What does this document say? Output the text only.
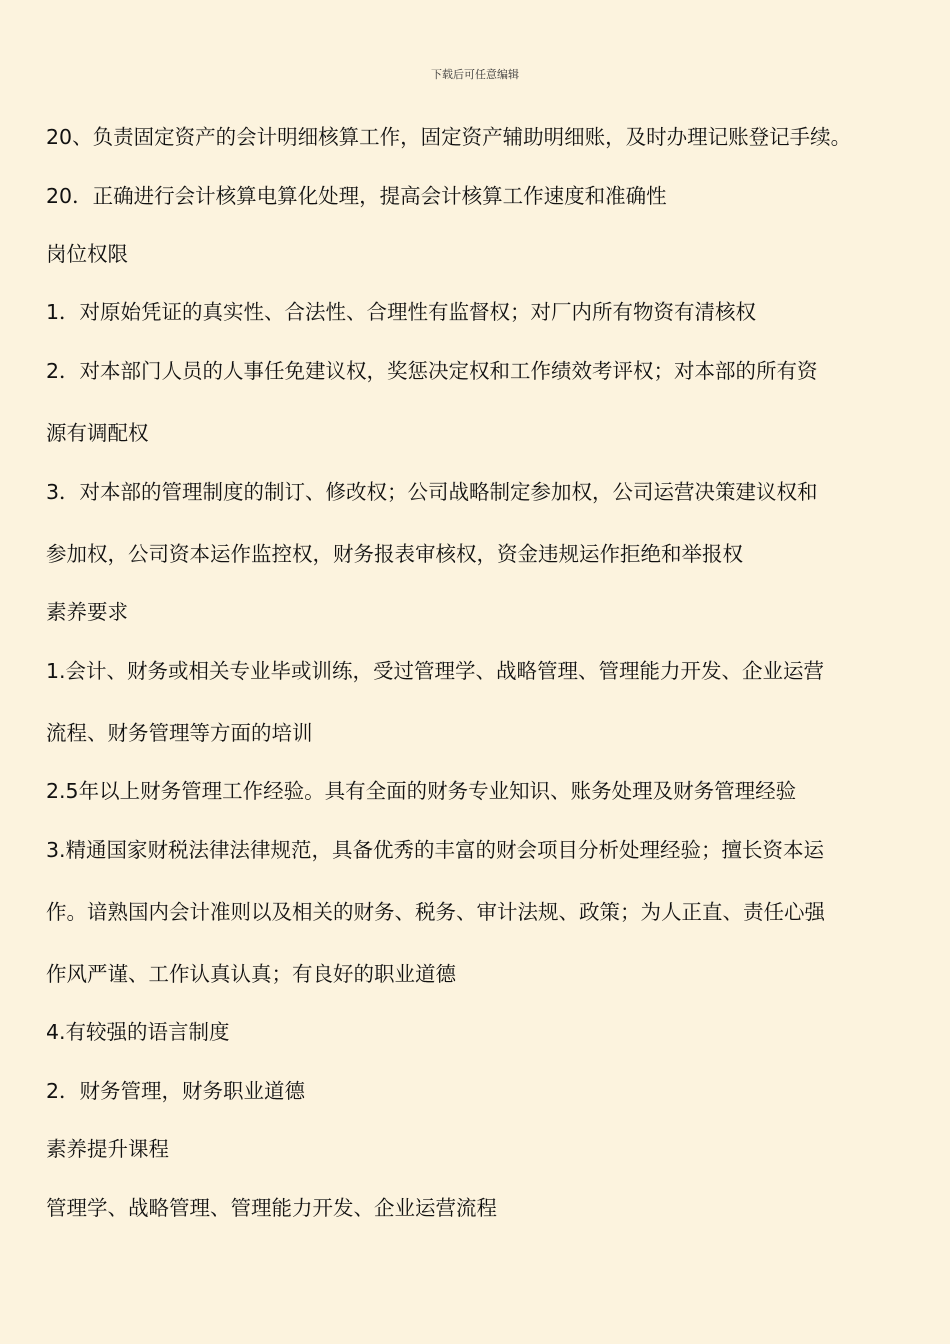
下载后可任意编辑
20、负责固定资产的会计明细核算工作，固定资产辅助明细账，及时办理记账登记手续。
20．正确进行会计核算电算化处理，提高会计核算工作速度和准确性
岗位权限
1．对原始凭证的真实性、合法性、合理性有监督权；对厂内所有物资有清核权
2．对本部门人员的人事任免建议权，奖惩决定权和工作绩效考评权；对本部的所有资
源有调配权
3．对本部的管理制度的制订、修改权；公司战略制定参加权，公司运营决策建议权和
参加权，公司资本运作监控权，财务报表审核权，资金违规运作拒绝和举报权
素养要求
1.会计、财务或相关专业毕或训练，受过管理学、战略管理、管理能力开发、企业运营
流程、财务管理等方面的培训
2.5年以上财务管理工作经验。具有全面的财务专业知识、账务处理及财务管理经验
3.精通国家财税法律法律规范，具备优秀的丰富的财会项目分析处理经验；擅长资本运
作。谙熟国内会计准则以及相关的财务、税务、审计法规、政策；为人正直、责任心强
作风严谨、工作认真认真；有良好的职业道德
4.有较强的语言制度
2．财务管理，财务职业道德
素养提升课程
管理学、战略管理、管理能力开发、企业运营流程
